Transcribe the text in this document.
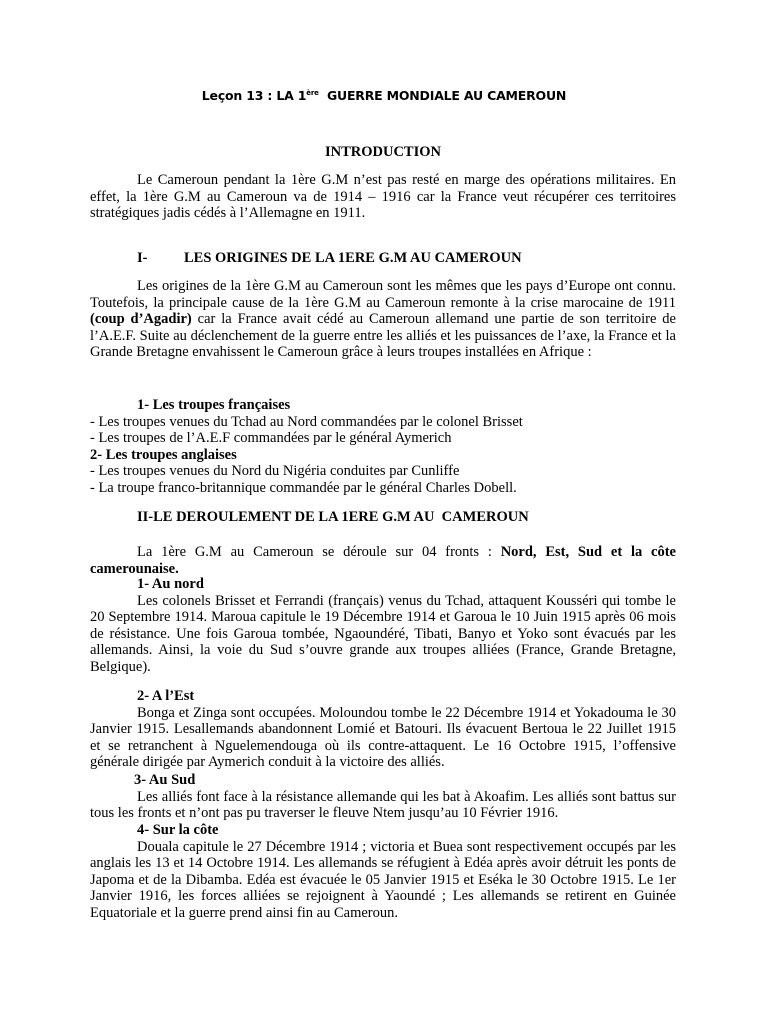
Leçon 13 : LA 1ère  GUERRE MONDIALE AU CAMEROUN
INTRODUCTION

Le Cameroun pendant la 1ère G.M n’est pas resté en marge des opérations militaires. En effet, la 1ère G.M au Cameroun va de 1914 – 1916 car la France veut récupérer ces territoires stratégiques jadis cédés à l’Allemagne en 1911.

I-	LES ORIGINES DE LA 1ERE G.M AU CAMEROUN

Les origines de la 1ère G.M au Cameroun sont les mêmes que les pays d’Europe ont connu. Toutefois, la principale cause de la 1ère G.M au Cameroun remonte à la crise marocaine de 1911 (coup d’Agadir) car la France avait cédé au Cameroun allemand une partie de son territoire de l’A.E.F. Suite au déclenchement de la guerre entre les alliés et les puissances de l’axe, la France et la Grande Bretagne envahissent le Cameroun grâce à leurs troupes installées en Afrique :

1- Les troupes françaises
- Les troupes venues du Tchad au Nord commandées par le colonel Brisset
- Les troupes de l’A.E.F commandées par le général Aymerich
2- Les troupes anglaises
- Les troupes venues du Nord du Nigéria conduites par Cunliffe
- La troupe franco-britannique commandée par le général Charles Dobell.
II-LE DEROULEMENT DE LA 1ERE G.M AU  CAMEROUN

La 1ère G.M au Cameroun se déroule sur 04 fronts : Nord, Est, Sud et la côte camerounaise.

1- Au nord

Les colonels Brisset et Ferrandi (français) venus du Tchad, attaquent Kousséri qui tombe le 20 Septembre 1914. Maroua capitule le 19 Décembre 1914 et Garoua le 10 Juin 1915 après 06 mois de résistance. Une fois Garoua tombée, Ngaoundéré, Tibati, Banyo et Yoko sont évacués par les allemands. Ainsi, la voie du Sud s’ouvre grande aux troupes alliées (France, Grande Bretagne, Belgique).

2- A l’Est

Bonga et Zinga sont occupées. Moloundou tombe le 22 Décembre 1914 et Yokadouma le 30 Janvier 1915. Lesallemands abandonnent Lomié et Batouri. Ils évacuent Bertoua le 22 Juillet 1915 et se retranchent à Nguelemendouga où ils contre-attaquent. Le 16 Octobre 1915, l’offensive générale dirigée par Aymerich conduit à la victoire des alliés.

3- Au Sud

Les alliés font face à la résistance allemande qui les bat à Akoafim. Les alliés sont battus sur tous les fronts et n’ont pas pu traverser le fleuve Ntem jusqu’au 10 Février 1916.

4- Sur la côte

Douala capitule le 27 Décembre 1914 ; victoria et Buea sont respectivement occupés par les anglais les 13 et 14 Octobre 1914. Les allemands se réfugient à Edéa après avoir détruit les ponts de Japoma et de la Dibamba. Edéa est évacuée le 05 Janvier 1915 et Eséka le 30 Octobre 1915. Le 1er Janvier 1916, les forces alliées se rejoignent à Yaoundé ; Les allemands se retirent en Guinée Equatoriale et la guerre prend ainsi fin au Cameroun.
